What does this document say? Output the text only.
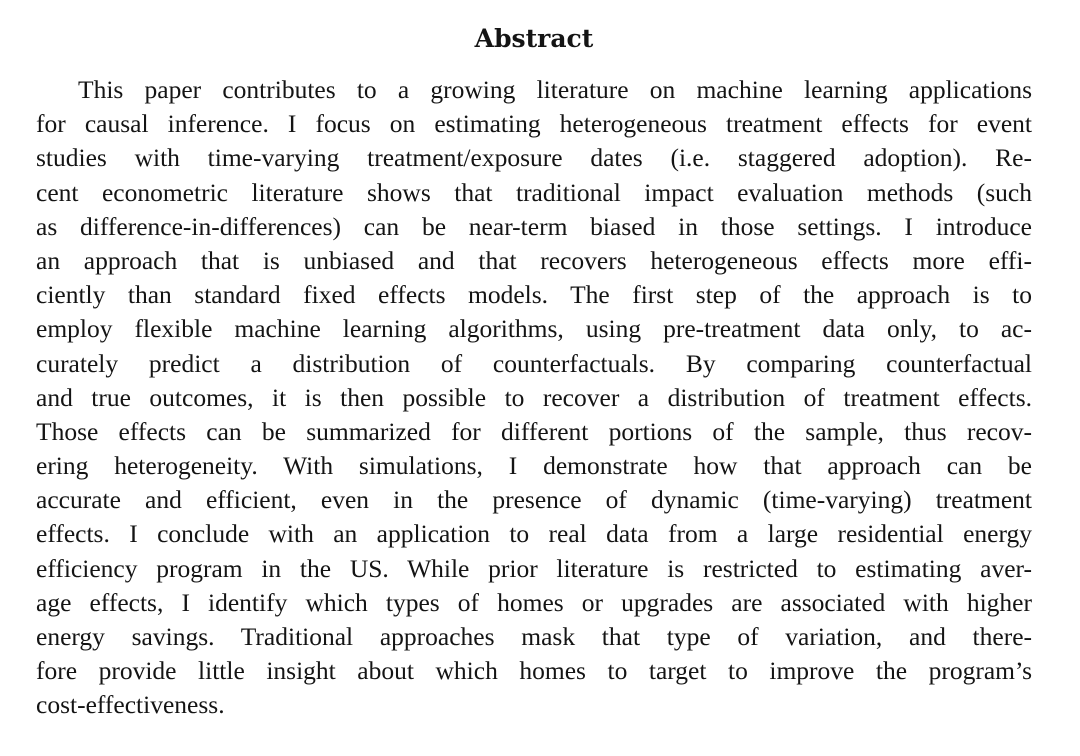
Abstract
This paper contributes to a growing literature on machine learning applications
for causal inference. I focus on estimating heterogeneous treatment effects for event
studies with time-varying treatment/exposure dates (i.e. staggered adoption). Re-
cent econometric literature shows that traditional impact evaluation methods (such
as difference-in-differences) can be near-term biased in those settings. I introduce
an approach that is unbiased and that recovers heterogeneous effects more effi-
ciently than standard fixed effects models. The first step of the approach is to
employ flexible machine learning algorithms, using pre-treatment data only, to ac-
curately predict a distribution of counterfactuals. By comparing counterfactual
and true outcomes, it is then possible to recover a distribution of treatment effects.
Those effects can be summarized for different portions of the sample, thus recov-
ering heterogeneity. With simulations, I demonstrate how that approach can be
accurate and efficient, even in the presence of dynamic (time-varying) treatment
effects. I conclude with an application to real data from a large residential energy
efficiency program in the US. While prior literature is restricted to estimating aver-
age effects, I identify which types of homes or upgrades are associated with higher
energy savings. Traditional approaches mask that type of variation, and there-
fore provide little insight about which homes to target to improve the program’s
cost-effectiveness.
